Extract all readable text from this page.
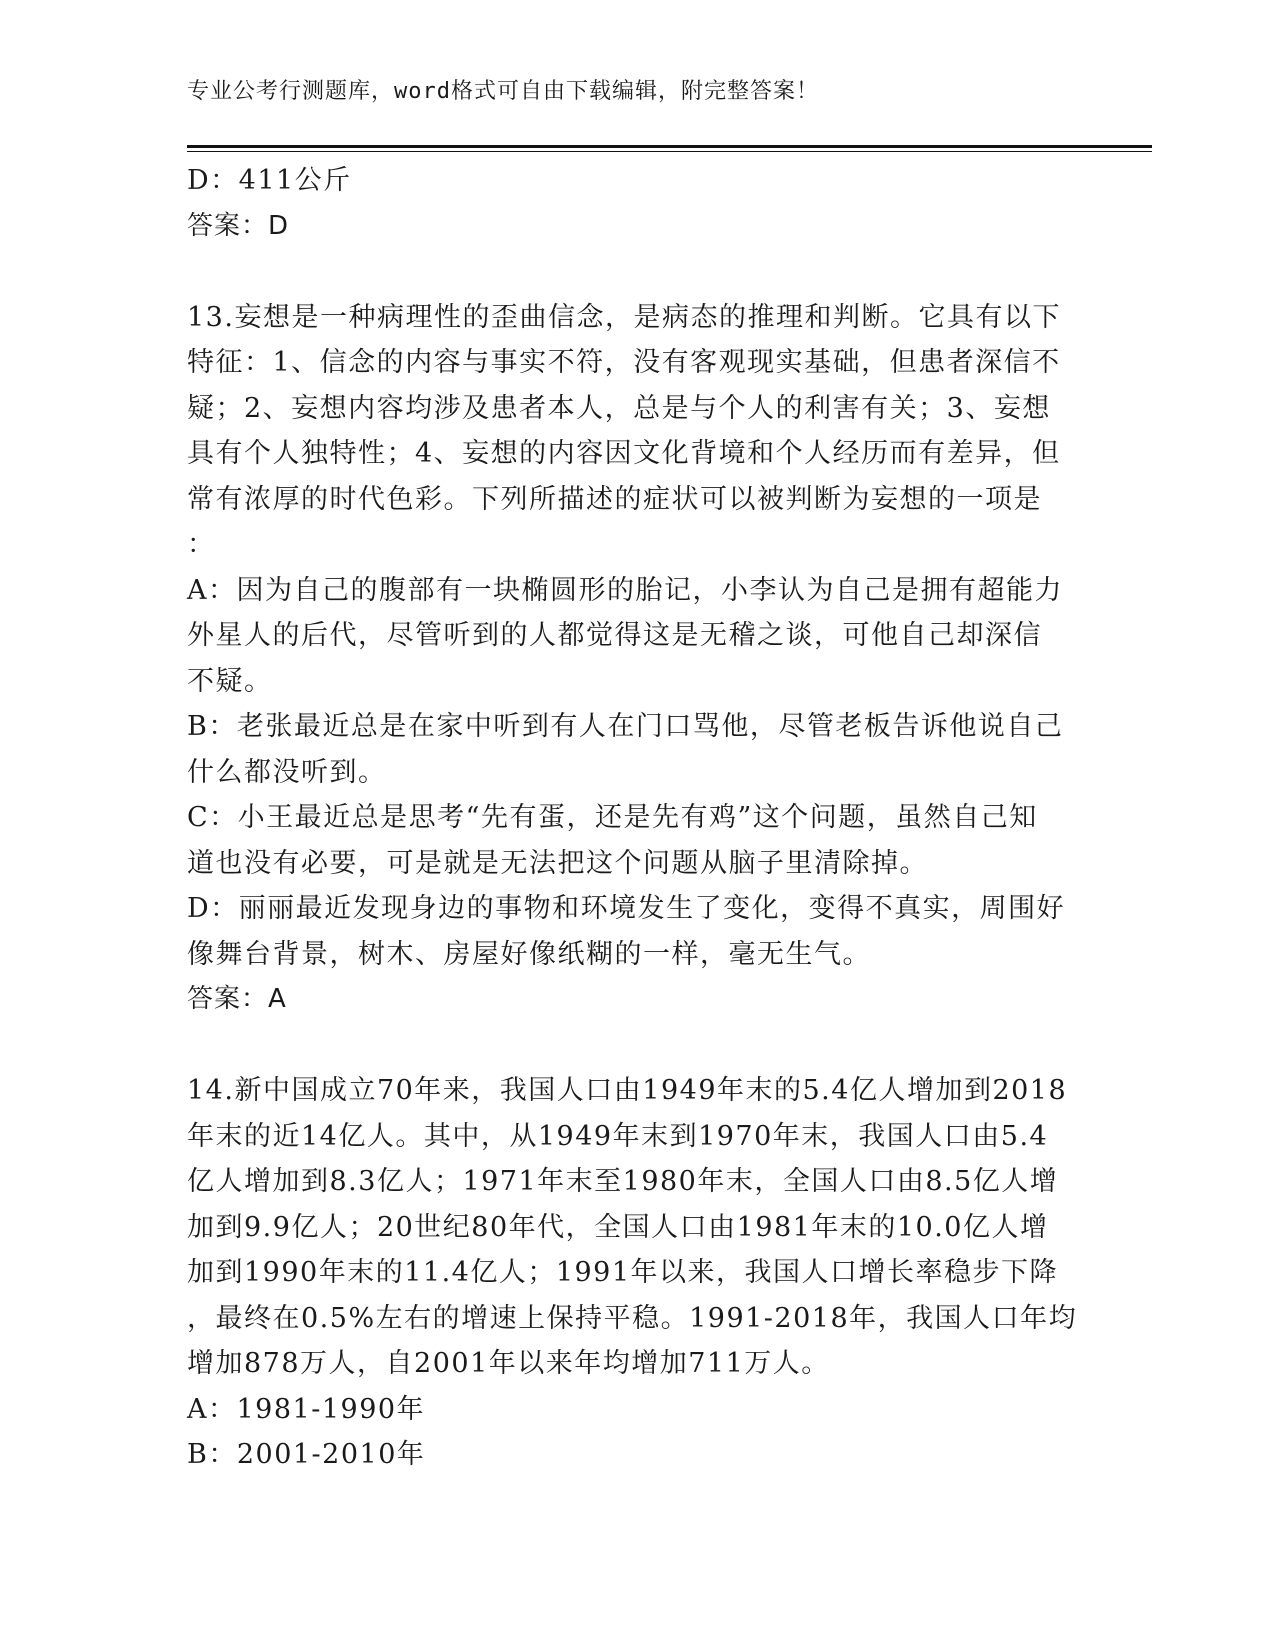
专业公考行测题库，word格式可自由下载编辑，附完整答案！
D：411公斤
答案：D
13.妄想是一种病理性的歪曲信念，是病态的推理和判断。它具有以下
特征：1、信念的内容与事实不符，没有客观现实基础，但患者深信不
疑；2、妄想内容均涉及患者本人，总是与个人的利害有关；3、妄想
具有个人独特性；4、妄想的内容因文化背境和个人经历而有差异，但
常有浓厚的时代色彩。下列所描述的症状可以被判断为妄想的一项是
：
A：因为自己的腹部有一块椭圆形的胎记，小李认为自己是拥有超能力
外星人的后代，尽管听到的人都觉得这是无稽之谈，可他自己却深信
不疑。
B：老张最近总是在家中听到有人在门口骂他，尽管老板告诉他说自己
什么都没听到。
C：小王最近总是思考“先有蛋，还是先有鸡”这个问题，虽然自己知
道也没有必要，可是就是无法把这个问题从脑子里清除掉。
D：丽丽最近发现身边的事物和环境发生了变化，变得不真实，周围好
像舞台背景，树木、房屋好像纸糊的一样，毫无生气。
答案：A
14.新中国成立70年来，我国人口由1949年末的5.4亿人增加到2018
年末的近14亿人。其中，从1949年末到1970年末，我国人口由5.4
亿人增加到8.3亿人；1971年末至1980年末，全国人口由8.5亿人增
加到9.9亿人；20世纪80年代，全国人口由1981年末的10.0亿人增
加到1990年末的11.4亿人；1991年以来，我国人口增长率稳步下降
，最终在0.5%左右的增速上保持平稳。1991-2018年，我国人口年均
增加878万人，自2001年以来年均增加711万人。
A：1981-1990年
B：2001-2010年
